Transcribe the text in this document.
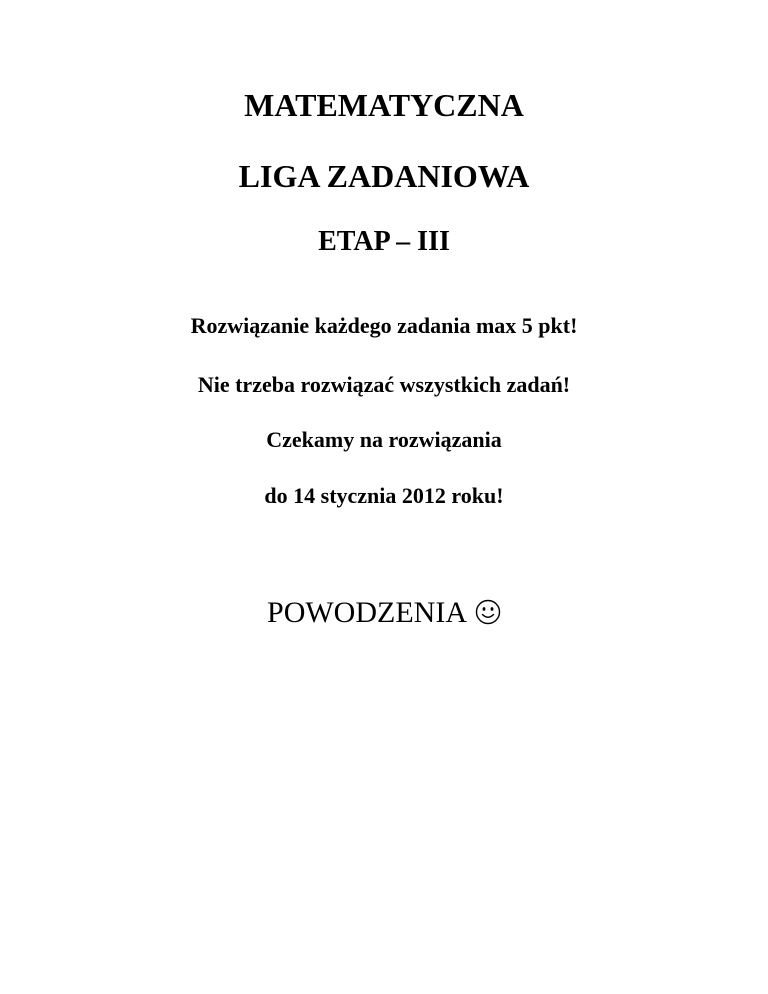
MATEMATYCZNA
LIGA ZADANIOWA
ETAP – III
Rozwiązanie każdego zadania max 5 pkt!
Nie trzeba rozwiązać wszystkich zadań!
Czekamy na rozwiązania
do 14 stycznia 2012 roku!
POWODZENIA
